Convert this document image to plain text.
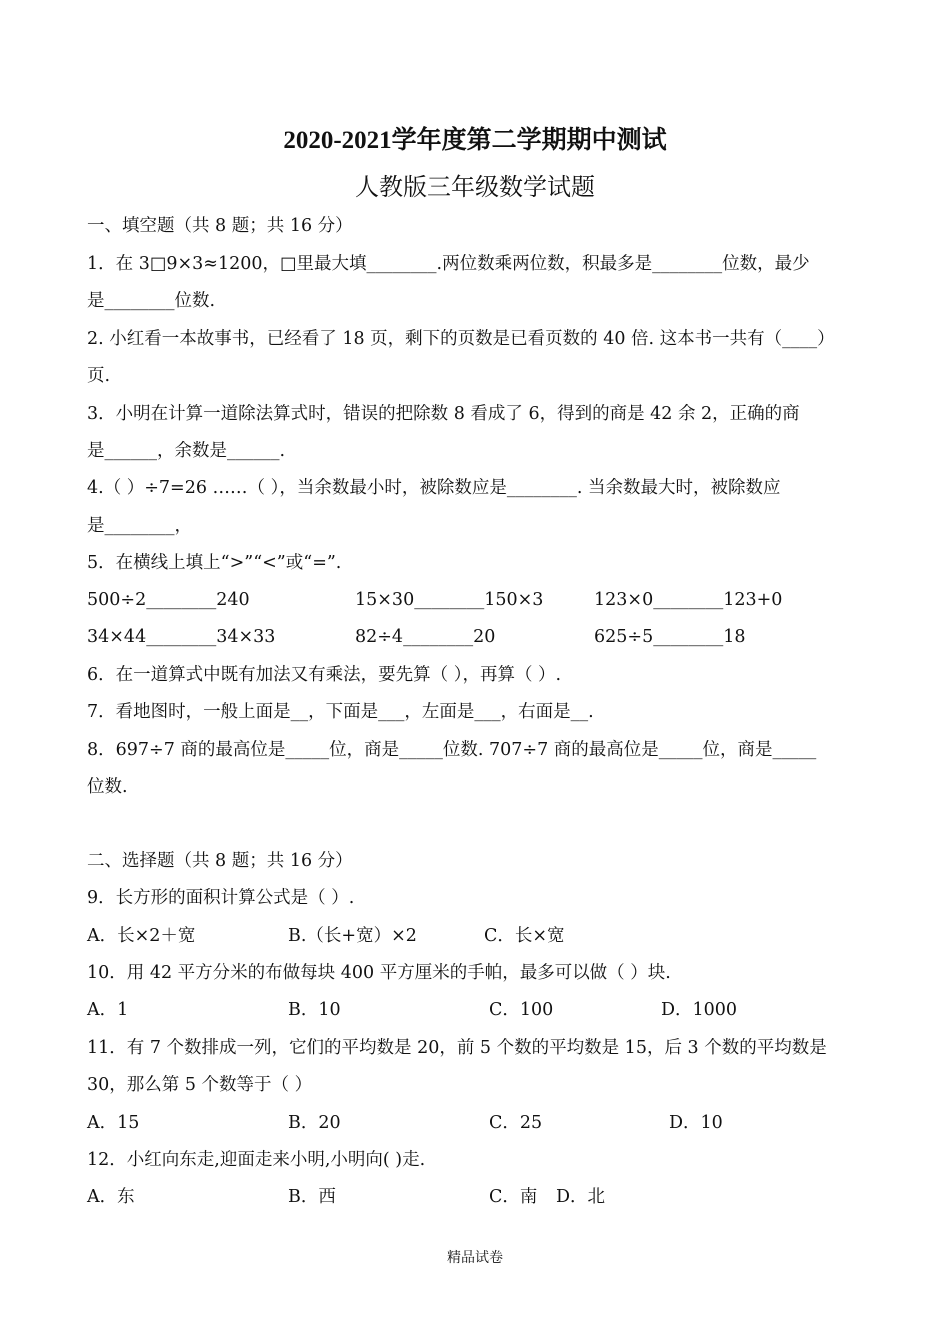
2020-2021学年度第二学期期中测试
人教版三年级数学试题
一、填空题（共 8 题；共 16 分）
1．在 3□9×3≈1200，□里最大填________.两位数乘两位数，积最多是________位数，最少
是________位数.
2. 小红看一本故事书，已经看了 18 页，剩下的页数是已看页数的 40 倍. 这本书一共有（____）
页.
3．小明在计算一道除法算式时，错误的把除数 8 看成了 6，得到的商是 42 余 2，正确的商
是______，余数是______.
4.（ ）÷7=26 ……（ ），当余数最小时，被除数应是________. 当余数最大时，被除数应
是________，
5．在横线上填上“>”“<”或“=”.
500÷2________240	15×30________150×3	123×0________123+0
34×44________34×33	82÷4________20	625÷5________18
6．在一道算式中既有加法又有乘法，要先算（ ），再算（ ）.
7．看地图时，一般上面是__，下面是___，左面是___，右面是__.
8．697÷7 商的最高位是_____位，商是_____位数. 707÷7 商的最高位是_____位，商是_____
位数.
二、选择题（共 8 题；共 16 分）
9．长方形的面积计算公式是（ ）.
A．长×2＋宽	B.（长+宽）×2	C．长×宽
10．用 42 平方分米的布做每块 400 平方厘米的手帕，最多可以做（ ）块.
A．1	B．10	C．100	D．1000
11．有 7 个数排成一列，它们的平均数是 20，前 5 个数的平均数是 15，后 3 个数的平均数是
30，那么第 5 个数等于（ ）
A．15	B．20	C．25	D．10
12．小红向东走,迎面走来小明,小明向( )走.
A．东	B．西	C．南 D．北
精品试卷
